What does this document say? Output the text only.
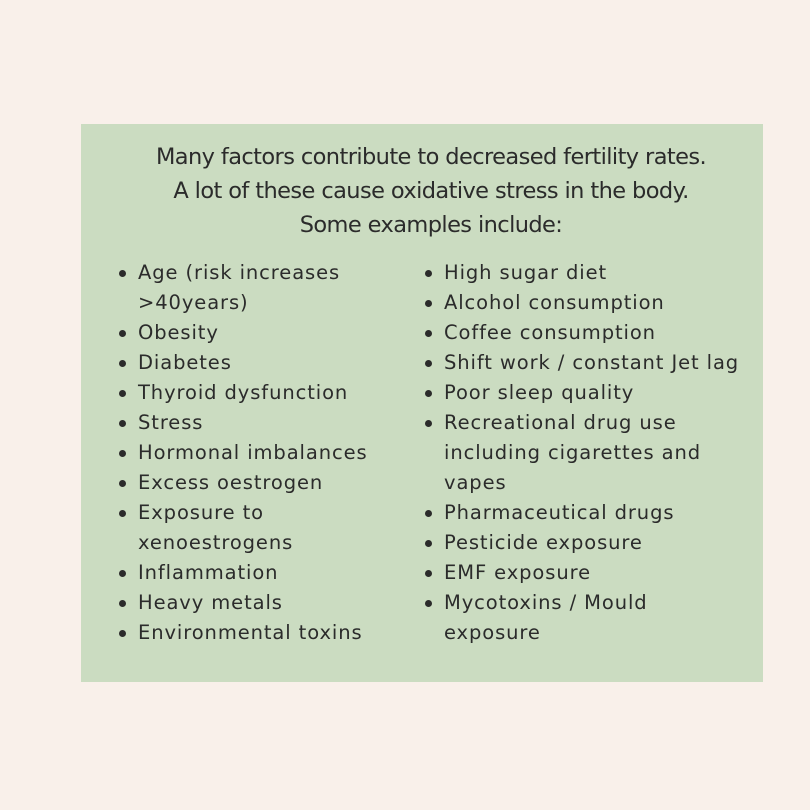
Many factors contribute to decreased fertility rates.
A lot of these cause oxidative stress in the body.
Some examples include:
Age (risk increases >40years)
Obesity
Diabetes
Thyroid dysfunction
Stress
Hormonal imbalances
Excess oestrogen
Exposure to xenoestrogens
Inflammation
Heavy metals
Environmental toxins
High sugar diet
Alcohol consumption
Coffee consumption
Shift work / constant Jet lag
Poor sleep quality
Recreational drug use including cigarettes and vapes
Pharmaceutical drugs
Pesticide exposure
EMF exposure
Mycotoxins / Mould exposure
